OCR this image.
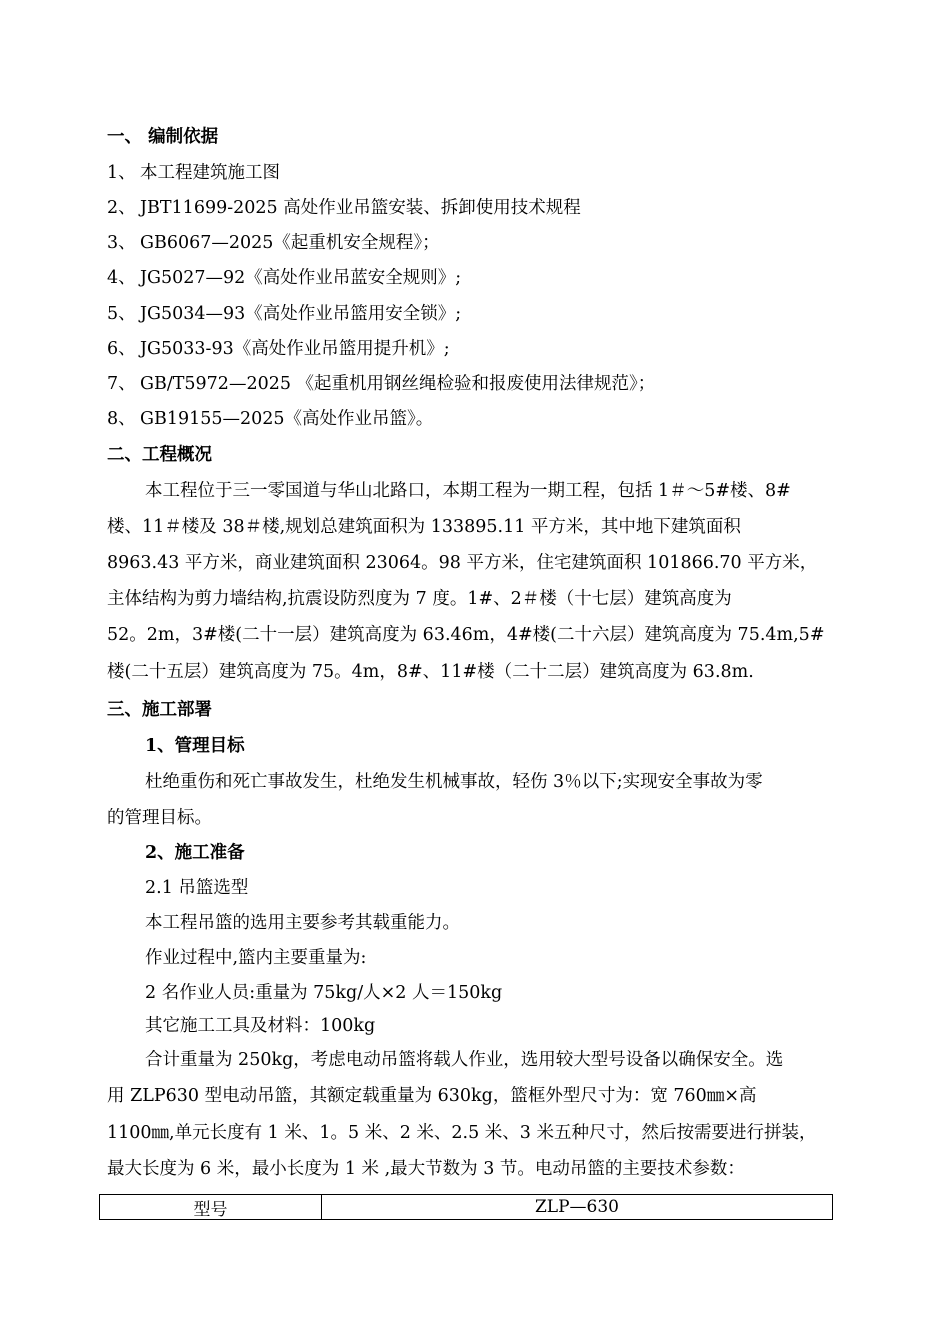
一、 编制依据
1、 本工程建筑施工图
2、 JBT11699-2025 高处作业吊篮安装、拆卸使用技术规程
3、 GB6067—2025《起重机安全规程》；
4、 JG5027—92《高处作业吊蓝安全规则》;
5、 JG5034—93《高处作业吊篮用安全锁》;
6、 JG5033-93《高处作业吊篮用提升机》;
7、 GB/T5972—2025 《起重机用钢丝绳检验和报废使用法律规范》；
8、 GB19155—2025《高处作业吊篮》。
二、工程概况
本工程位于三一零国道与华山北路口，本期工程为一期工程，包括 1＃～5#楼、8#
楼、11＃楼及 38＃楼,规划总建筑面积为 133895.11 平方米，其中地下建筑面积
8963.43 平方米，商业建筑面积 23064。98 平方米，住宅建筑面积 101866.70 平方米，
主体结构为剪力墙结构,抗震设防烈度为 7 度。1#、2＃楼（十七层）建筑高度为
52。2m，3#楼(二十一层）建筑高度为 63.46m，4#楼(二十六层）建筑高度为 75.4m,5#
楼(二十五层）建筑高度为 75。4m，8#、11#楼（二十二层）建筑高度为 63.8m.
三、施工部署
1、管理目标
杜绝重伤和死亡事故发生，杜绝发生机械事故，轻伤 3％以下;实现安全事故为零
的管理目标。
2、施工准备
2.1 吊篮选型
本工程吊篮的选用主要参考其载重能力。
作业过程中,篮内主要重量为:
2 名作业人员:重量为 75kg/人×2 人＝150kg
其它施工工具及材料：100kg
合计重量为 250kg，考虑电动吊篮将载人作业，选用较大型号设备以确保安全。选
用 ZLP630 型电动吊篮，其额定载重量为 630kg，篮框外型尺寸为：宽 760㎜×高
1100㎜,单元长度有 1 米、1。5 米、2 米、2.5 米、3 米五种尺寸，然后按需要进行拼装，
最大长度为 6 米，最小长度为 1 米 ,最大节数为 3 节。电动吊篮的主要技术参数：
型号	ZLP—630
